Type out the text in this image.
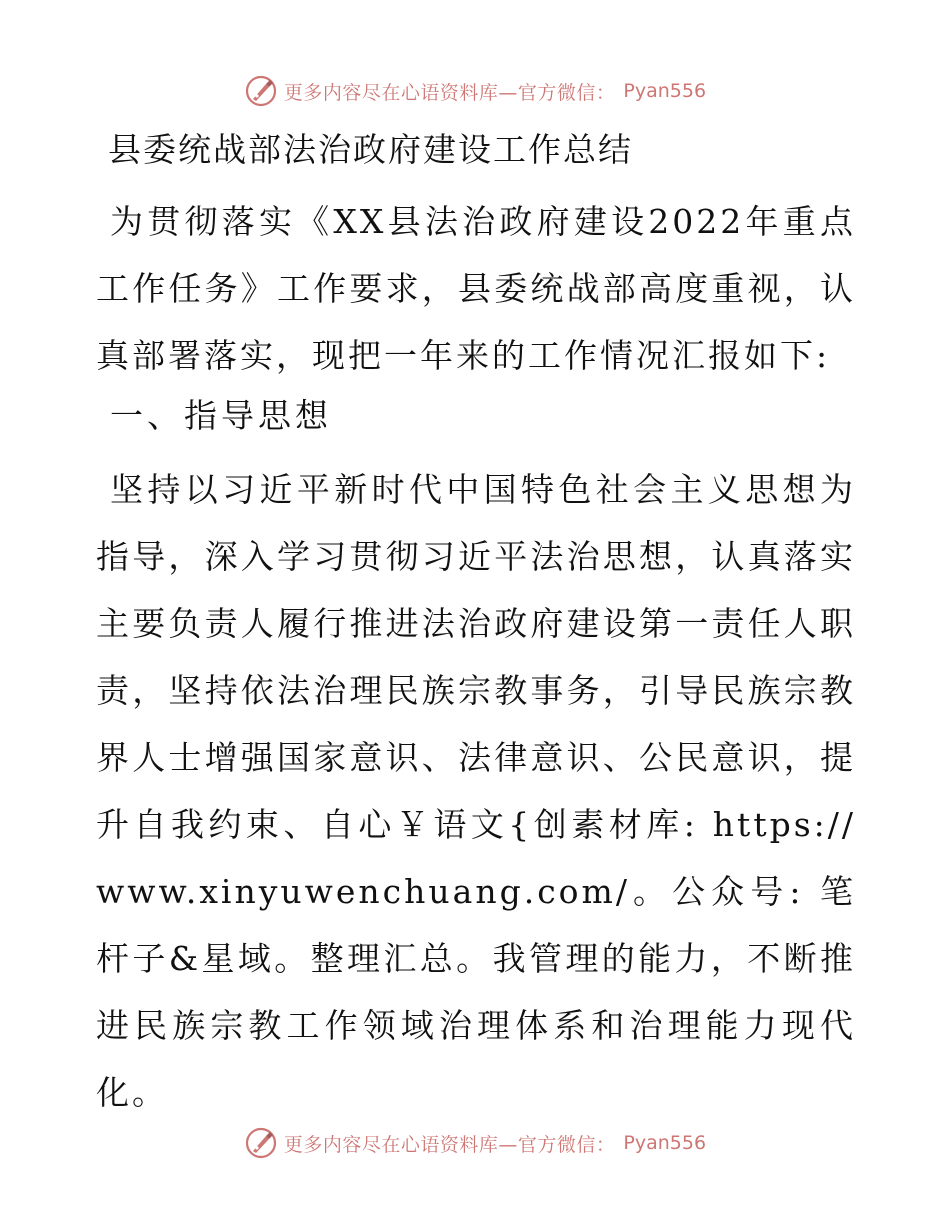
更多内容尽在心语资料库—官方微信： Pyan556
县委统战部法治政府建设工作总结

为贯彻落实《XX县法治政府建设2022年重点工作任务》工作要求，县委统战部高度重视，认真部署落实，现把一年来的工作情况汇报如下:

一、指导思想

坚持以习近平新时代中国特色社会主义思想为指导，深入学习贯彻习近平法治思想，认真落实主要负责人履行推进法治政府建设第一责任人职责，坚持依法治理民族宗教事务，引导民族宗教界人士增强国家意识、法律意识、公民意识，提升自我约束、自心￥语文{创素材库: https://www.xinyuwenchuang.com/。公众号: 笔杆子&星域。整理汇总。我管理的能力，不断推进民族宗教工作领域治理体系和治理能力现代化。

更多内容尽在心语资料库—官方微信： Pyan556
